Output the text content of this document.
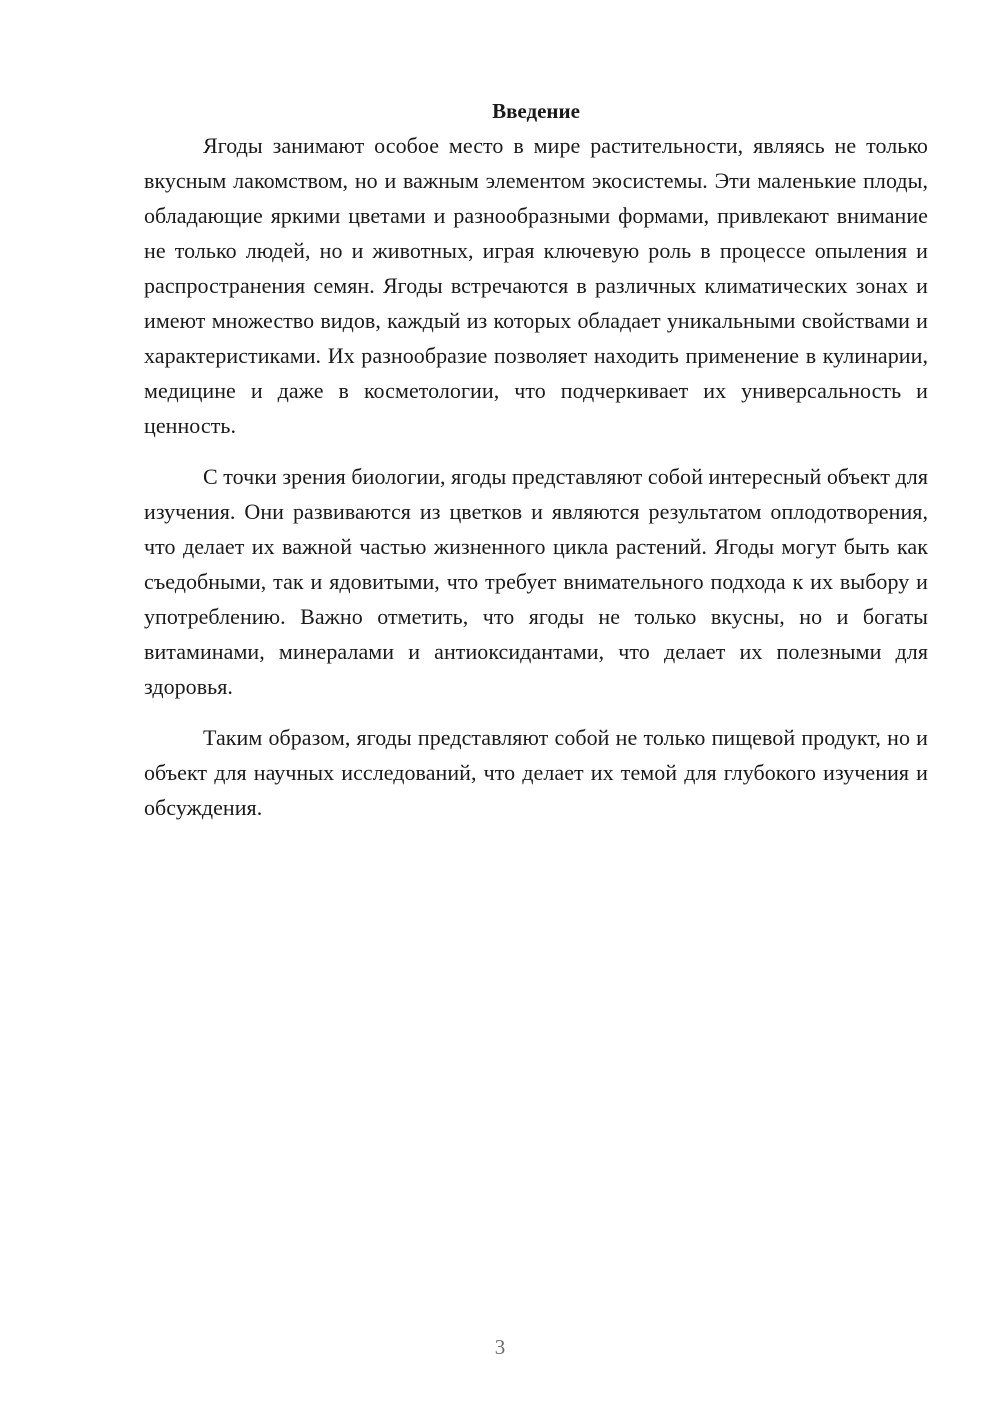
Введение

Ягоды занимают особое место в мире растительности, являясь не только вкусным лакомством, но и важным элементом экосистемы. Эти маленькие плоды, обладающие яркими цветами и разнообразными формами, привлекают внимание не только людей, но и животных, играя ключевую роль в процессе опыления и распространения семян. Ягоды встречаются в различных климатических зонах и имеют множество видов, каждый из которых обладает уникальными свойствами и характеристиками. Их разнообразие позволяет находить применение в кулинарии, медицине и даже в косметологии, что подчеркивает их универсальность и ценность.

С точки зрения биологии, ягоды представляют собой интересный объект для изучения. Они развиваются из цветков и являются результатом оплодотворения, что делает их важной частью жизненного цикла растений. Ягоды могут быть как съедобными, так и ядовитыми, что требует внимательного подхода к их выбору и употреблению. Важно отметить, что ягоды не только вкусны, но и богаты витаминами, минералами и антиоксидантами, что делает их полезными для здоровья.

Таким образом, ягоды представляют собой не только пищевой продукт, но и объект для научных исследований, что делает их темой для глубокого изучения и обсуждения.

3
